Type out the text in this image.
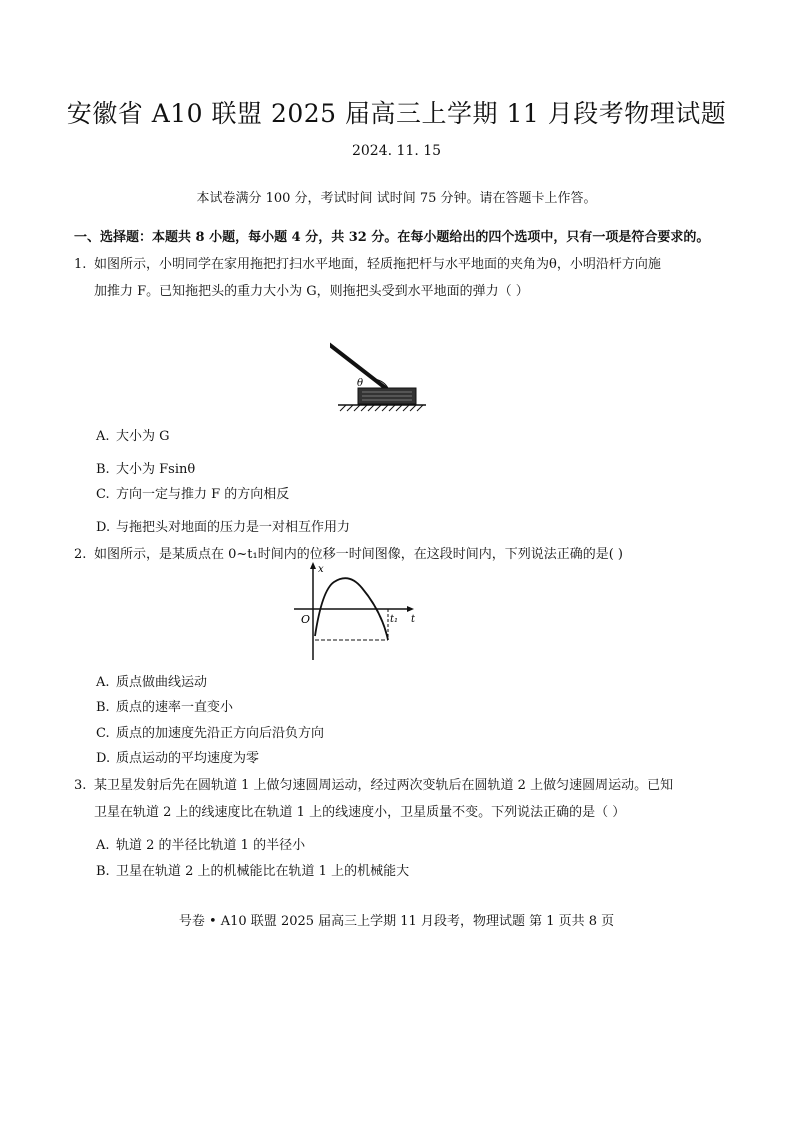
安徽省 A10 联盟 2025 届高三上学期 11 月段考物理试题
2024. 11. 15
本试卷满分 100 分，考试时间 试时间 75 分钟。请在答题卡上作答。
一、选择题：本题共 8 小题，每小题 4 分，共 32 分。在每小题给出的四个选项中，只有一项是符合要求的。
1. 如图所示，小明同学在家用拖把打扫水平地面，轻质拖把杆与水平地面的夹角为θ，小明沿杆方向施
加推力 F。已知拖把头的重力大小为 G，则拖把头受到水平地面的弹力（ ）
θ
A. 大小为 G
B. 大小为 Fsinθ
C. 方向一定与推力 F 的方向相反
D. 与拖把头对地面的压力是一对相互作用力
2. 如图所示，是某质点在 0~t₁时间内的位移一时间图像，在这段时间内，下列说法正确的是( )
x
t
O	t₁
A. 质点做曲线运动
B. 质点的速率一直变小
C. 质点的加速度先沿正方向后沿负方向
D. 质点运动的平均速度为零
3. 某卫星发射后先在圆轨道 1 上做匀速圆周运动，经过两次变轨后在圆轨道 2 上做匀速圆周运动。已知
卫星在轨道 2 上的线速度比在轨道 1 上的线速度小，卫星质量不变。下列说法正确的是（ ）
A. 轨道 2 的半径比轨道 1 的半径小
B. 卫星在轨道 2 上的机械能比在轨道 1 上的机械能大
号卷 • A10 联盟 2025 届高三上学期 11 月段考，物理试题 第 1 页共 8 页
